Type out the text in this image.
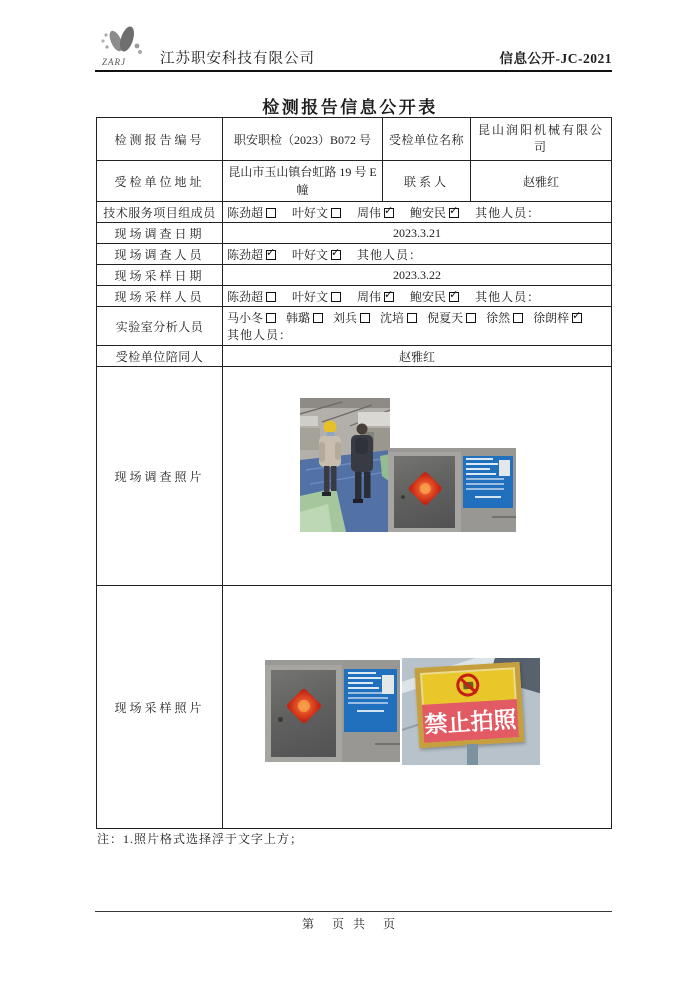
ZARJ 江苏职安科技有限公司	信息公开-JC-2021
检测报告信息公开表
检测报告编号	职安职检（2023）B072 号	受检单位名称	昆山润阳机械有限公司
受检单位地址	昆山市玉山镇台虹路 19 号 E幢	联系人	赵雅红
技术服务项目组成员	陈劲超 叶好文 周伟 ✓ 鲍安民 ✓ 其他人员：
现场调查日期	2023.3.21		
现场调查人员	陈劲超 ✓ 叶好文 ✓ 其他人员：
现场采样日期	2023.3.22		
现场采样人员	陈劲超 叶好文 周伟 ✓ 鲍安民 ✓ 其他人员：
实验室分析人员	马小冬 韩璐 刘兵 沈培 倪夏天 徐然 徐朗梓✓
其他人员：

受检单位陪同人	赵雅红		
现场调查照片	

现场采样照片	禁止拍照		
注：1.照片格式选择浮于文字上方；
第　页 共　页
